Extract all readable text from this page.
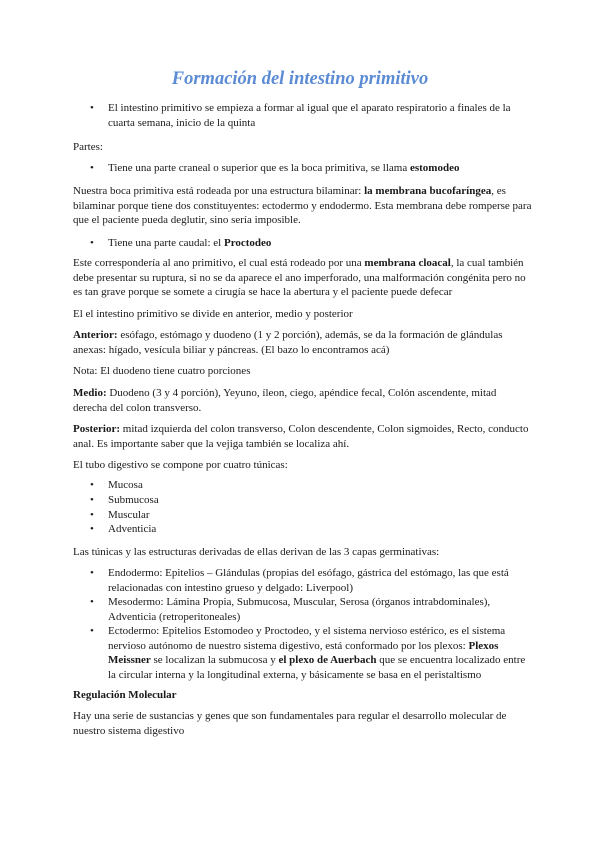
Formación del intestino primitivo
• El intestino primitivo se empieza a formar al igual que el aparato respiratorio a finales de la cuarta semana, inicio de la quinta
Partes:
• Tiene una parte craneal o superior que es la boca primitiva, se llama estomodeo
Nuestra boca primitiva está rodeada por una estructura bilaminar: la membrana bucofaríngea, es bilaminar porque tiene dos constituyentes: ectodermo y endodermo. Esta membrana debe romperse para que el paciente pueda deglutir, sino sería imposible.
• Tiene una parte caudal: el Proctodeo
Este correspondería al ano primitivo, el cual está rodeado por una membrana cloacal, la cual también debe presentar su ruptura, si no se da aparece el ano imperforado, una malformación congénita pero no es tan grave porque se somete a cirugía se hace la abertura y el paciente puede defecar
El el intestino primitivo se divide en anterior, medio y posterior
Anterior: esófago, estómago y duodeno (1 y 2 porción), además, se da la formación de glándulas anexas: hígado, vesícula biliar y páncreas. (El bazo lo encontramos acá)
Nota: El duodeno tiene cuatro porciones
Medio: Duodeno (3 y 4 porción), Yeyuno, íleon, ciego, apéndice fecal, Colón ascendente, mitad derecha del colon transverso.
Posterior: mitad izquierda del colon transverso, Colon descendente, Colon sigmoides, Recto, conducto anal. Es importante saber que la vejiga también se localiza ahí.
El tubo digestivo se compone por cuatro túnicas:
• Mucosa
• Submucosa
• Muscular
• Adventicia
Las túnicas y las estructuras derivadas de ellas derivan de las 3 capas germinativas:
• Endodermo: Epitelios – Glándulas (propias del esófago, gástrica del estómago, las que está relacionadas con intestino grueso y delgado: Liverpool)
• Mesodermo: Lámina Propia, Submucosa, Muscular, Serosa (órganos intrabdominales), Adventicia (retroperitoneales)
• Ectodermo: Epitelios Estomodeo y Proctodeo, y el sistema nervioso estérico, es el sistema nervioso autónomo de nuestro sistema digestivo, está conformado por los plexos: Plexos Meissner se localizan la submucosa y el plexo de Auerbach que se encuentra localizado entre la circular interna y la longitudinal externa, y básicamente se basa en el peristaltismo
Regulación Molecular
Hay una serie de sustancias y genes que son fundamentales para regular el desarrollo molecular de nuestro sistema digestivo
